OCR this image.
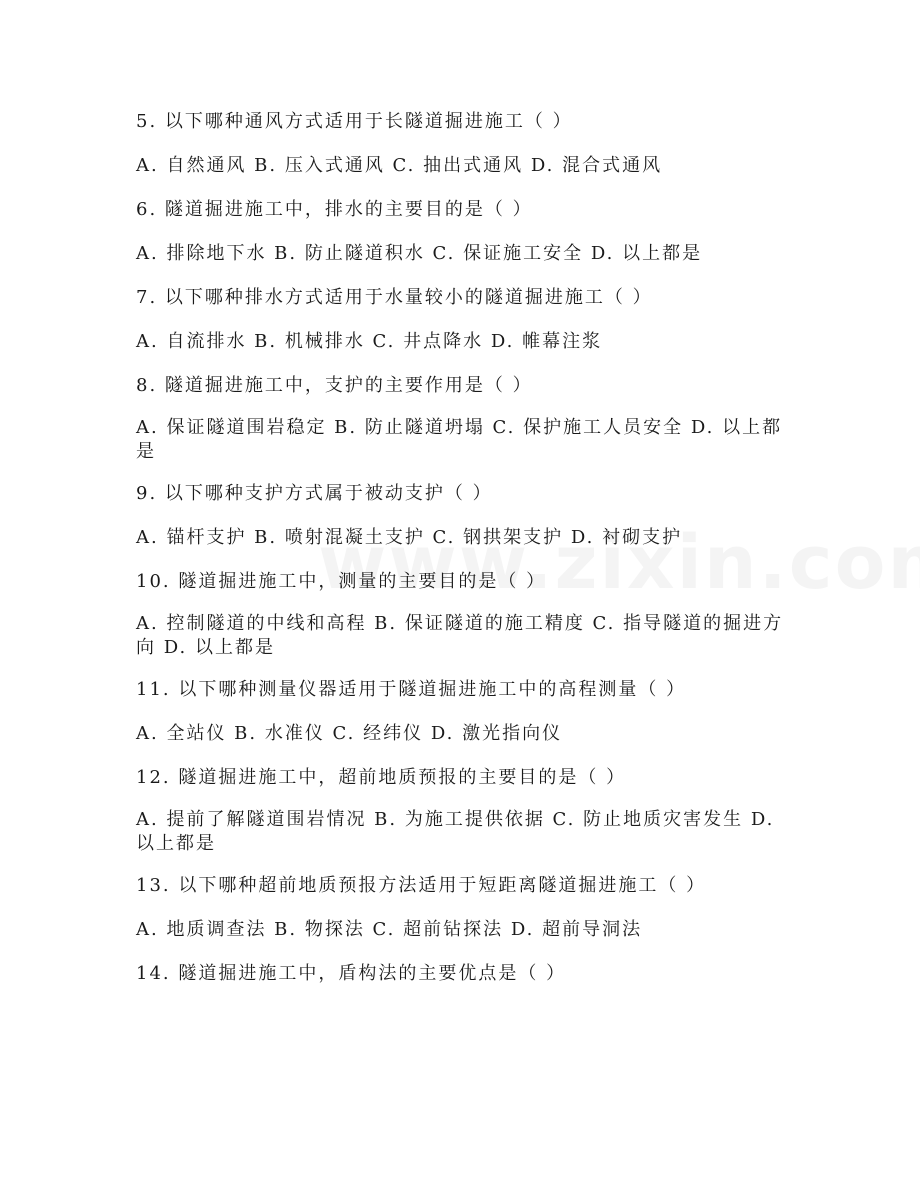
5. 以下哪种通风方式适用于长隧道掘进施工（ ）
A. 自然通风 B. 压入式通风 C. 抽出式通风 D. 混合式通风
6. 隧道掘进施工中，排水的主要目的是（ ）
A. 排除地下水 B. 防止隧道积水 C. 保证施工安全 D. 以上都是
7. 以下哪种排水方式适用于水量较小的隧道掘进施工（ ）
A. 自流排水 B. 机械排水 C. 井点降水 D. 帷幕注浆
8. 隧道掘进施工中，支护的主要作用是（ ）
A. 保证隧道围岩稳定 B. 防止隧道坍塌 C. 保护施工人员安全 D. 以上都是
9. 以下哪种支护方式属于被动支护（ ）
A. 锚杆支护 B. 喷射混凝土支护 C. 钢拱架支护 D. 衬砌支护
10. 隧道掘进施工中，测量的主要目的是（ ）
A. 控制隧道的中线和高程 B. 保证隧道的施工精度 C. 指导隧道的掘进方向 D. 以上都是
11. 以下哪种测量仪器适用于隧道掘进施工中的高程测量（ ）
A. 全站仪 B. 水准仪 C. 经纬仪 D. 激光指向仪
12. 隧道掘进施工中，超前地质预报的主要目的是（ ）
A. 提前了解隧道围岩情况 B. 为施工提供依据 C. 防止地质灾害发生 D. 以上都是
13. 以下哪种超前地质预报方法适用于短距离隧道掘进施工（ ）
A. 地质调查法 B. 物探法 C. 超前钻探法 D. 超前导洞法
14. 隧道掘进施工中，盾构法的主要优点是（ ）
